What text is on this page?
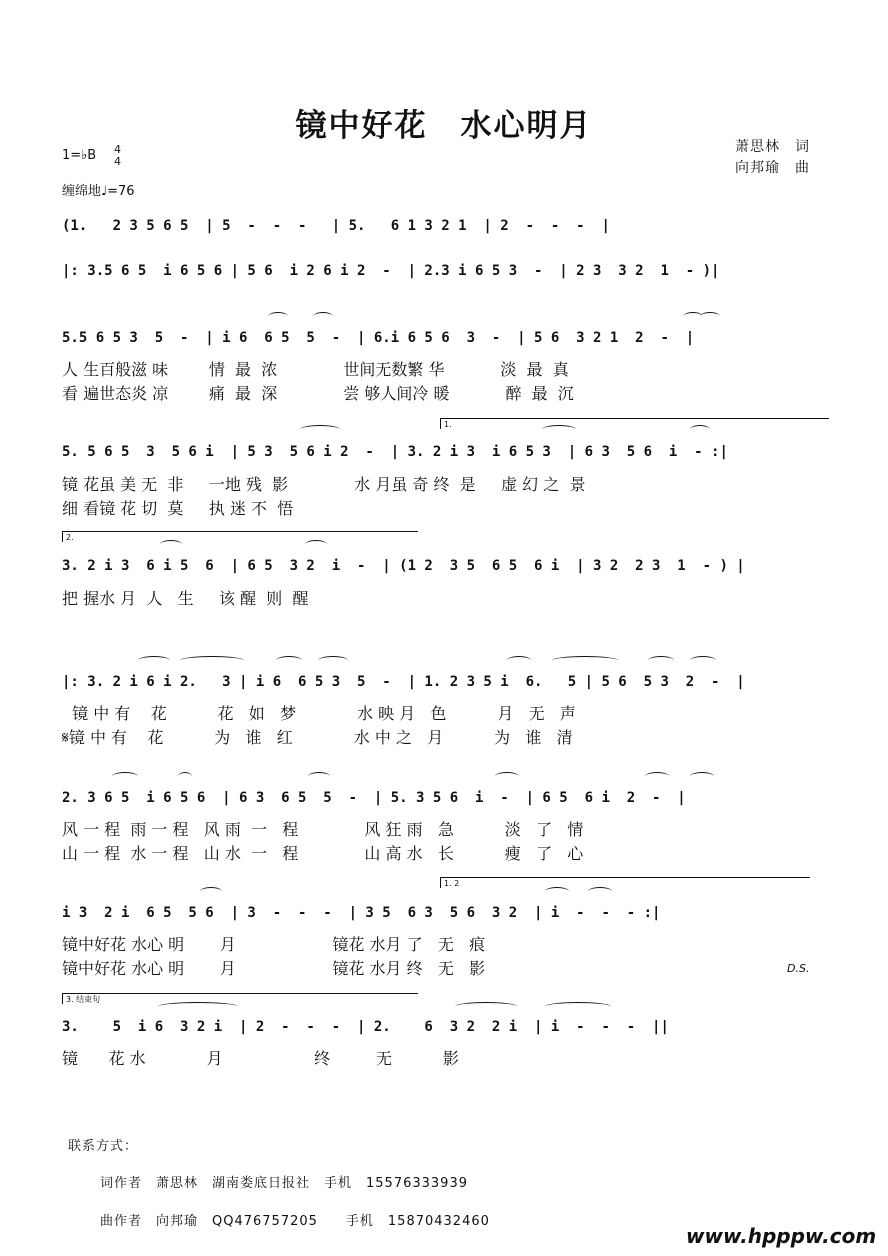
镜中好花　水心明月
萧思林　词
向邦瑜　曲
1=♭B 4
4
缠绵地♩=76
(1.   2 3 5 6 5  | 5  -  -  -   | 5.   6 1 3 2 1  | 2  -  -  -  |
|: 3.5 6 5  i 6 5 6 | 5 6  i 2 6 i 2  -  | 2.3 i 6 5 3  -  | 2 3  3 2  1  - )|
5.5 6 5 3  5  -  | i 6  6 5  5  -  | 6.i 6 5 6  3  -  | 5 6  3 2 1  2  -  |
人 生百般滋 味        情  最  浓             世间无数繁 华           淡  最  真
看 遍世态炎 凉        痛  最  深             尝 够人间冷 暖           醉  最  沉
1.
5. 5 6 5  3  5 6 i  | 5 3  5 6 i 2  -  | 3. 2 i 3  i 6 5 3  | 6 3  5 6  i  - :|
镜 花虽 美 无  非     一地 残  影             水 月虽 奇 终  是     虚 幻 之  景
细 看镜 花 切  莫     执 迷 不  悟
2.
3. 2 i 3  6 i 5  6  | 6 5  3 2  i  -  | (1 2  3 5  6 5  6 i  | 3 2  2 3  1  - ) |
把 握水 月  人   生     该 醒  则  醒
|: 3. 2 i 6 i 2.   3 | i 6  6 5 3  5  -  | 1. 2 3 5 i  6.   5 | 5 6  5 3  2  -  |
镜 中 有    花          花   如   梦            水 映 月   色          月   无   声
𝄋镜 中 有    花          为   谁   红            水 中 之   月          为   谁   清
2. 3 6 5  i 6 5 6  | 6 3  6 5  5  -  | 5. 3 5 6  i  -  | 6 5  6 i  2  -  |
风 一 程  雨 一 程   风 雨  一   程             风 狂 雨   急          淡   了   情
山 一 程  水 一 程   山 水  一   程             山 高 水   长          瘦   了   心
1. 2
i 3  2 i  6 5  5 6  | 3  -  -  -  | 3 5  6 3  5 6  3 2  | i  -  -  - :|
镜中好花 水心 明       月                   镜花 水月 了   无   痕
镜中好花 水心 明       月                   镜花 水月 终   无   影	D.S.
3. 结束句
3.    5  i 6  3 2 i  | 2  -  -  -  | 2.    6  3 2  2 i  | i  -  -  -  ||
镜      花 水            月                  终         无          影
联系方式：
词作者　萧思林　湖南娄底日报社　手机　15576333939
曲作者　向邦瑜　QQ476757205　　手机　15870432460
www.hpppw.com
